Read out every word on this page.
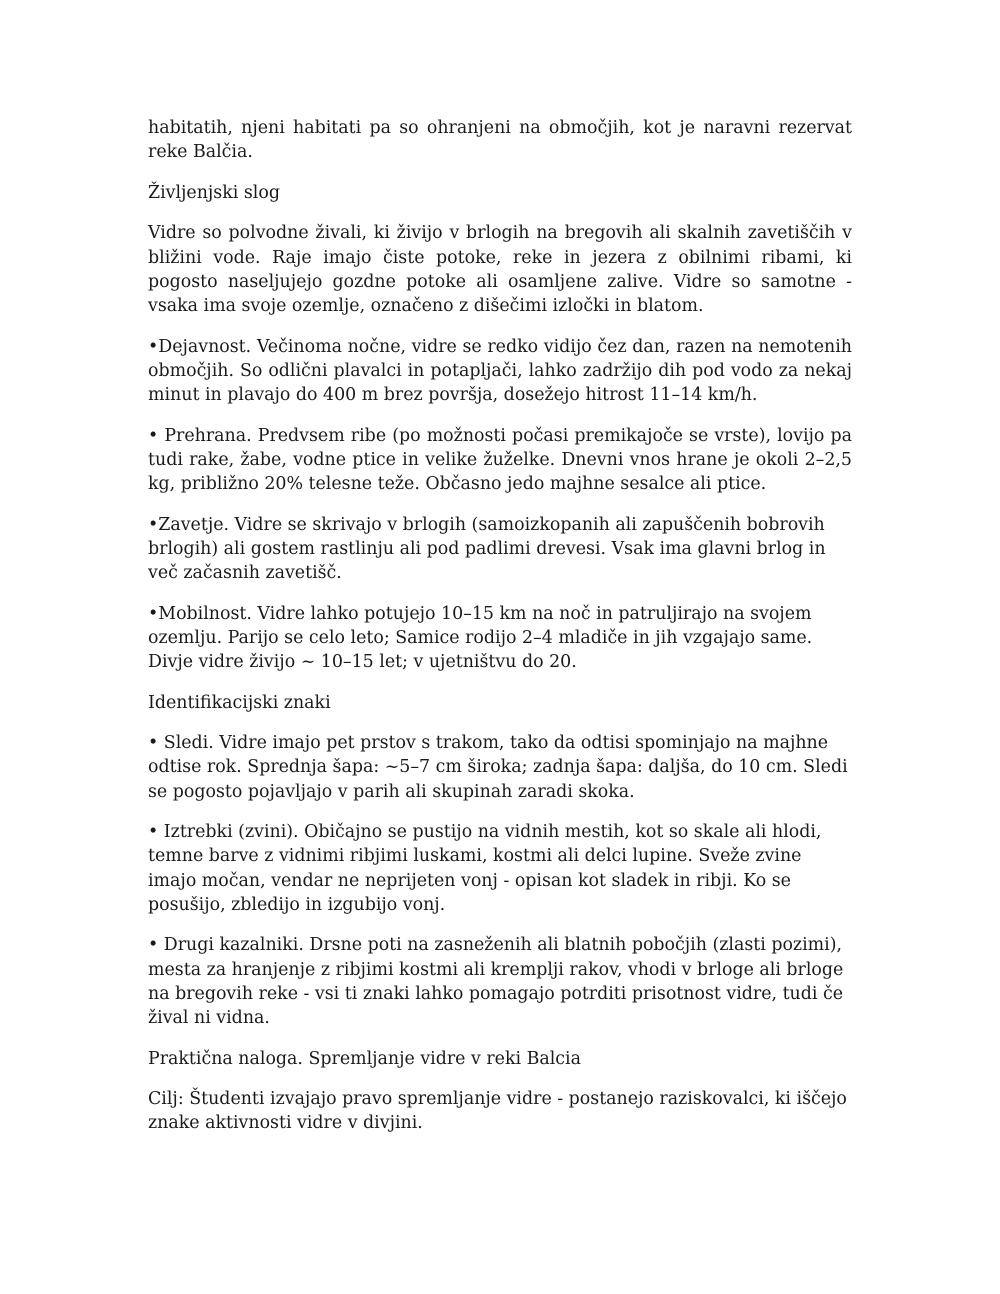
habitatih, njeni habitati pa so ohranjeni na območjih, kot je naravni rezervat reke Balčia.

Življenjski slog

Vidre so polvodne živali, ki živijo v brlogih na bregovih ali skalnih zavetiščih v bližini vode. Raje imajo čiste potoke, reke in jezera z obilnimi ribami, ki pogosto naseljujejo gozdne potoke ali osamljene zalive. Vidre so samotne - vsaka ima svoje ozemlje, označeno z dišečimi izločki in blatom.

•Dejavnost. Večinoma nočne, vidre se redko vidijo čez dan, razen na nemotenih območjih. So odlični plavalci in potapljači, lahko zadržijo dih pod vodo za nekaj minut in plavajo do 400 m brez površja, dosežejo hitrost 11–14 km/h.

• Prehrana. Predvsem ribe (po možnosti počasi premikajoče se vrste), lovijo pa tudi rake, žabe, vodne ptice in velike žuželke. Dnevni vnos hrane je okoli 2–2,5 kg, približno 20% telesne teže. Občasno jedo majhne sesalce ali ptice.

•Zavetje. Vidre se skrivajo v brlogih (samoizkopanih ali zapuščenih bobrovih brlogih) ali gostem rastlinju ali pod padlimi drevesi. Vsak ima glavni brlog in več začasnih zavetišč.

•Mobilnost. Vidre lahko potujejo 10–15 km na noč in patruljirajo na svojem ozemlju. Parijo se celo leto; Samice rodijo 2–4 mladiče in jih vzgajajo same. Divje vidre živijo ~ 10–15 let; v ujetništvu do 20.

Identifikacijski znaki

• Sledi. Vidre imajo pet prstov s trakom, tako da odtisi spominjajo na majhne odtise rok. Sprednja šapa: ~5–7 cm široka; zadnja šapa: daljša, do 10 cm. Sledi se pogosto pojavljajo v parih ali skupinah zaradi skoka.

• Iztrebki (zvini). Običajno se pustijo na vidnih mestih, kot so skale ali hlodi, temne barve z vidnimi ribjimi luskami, kostmi ali delci lupine. Sveže zvine imajo močan, vendar ne neprijeten vonj - opisan kot sladek in ribji. Ko se posušijo, zbledijo in izgubijo vonj.

• Drugi kazalniki. Drsne poti na zasneženih ali blatnih pobočjih (zlasti pozimi), mesta za hranjenje z ribjimi kostmi ali kremplji rakov, vhodi v brloge ali brloge na bregovih reke - vsi ti znaki lahko pomagajo potrditi prisotnost vidre, tudi če žival ni vidna.

Praktična naloga. Spremljanje vidre v reki Balcia

Cilj: Študenti izvajajo pravo spremljanje vidre - postanejo raziskovalci, ki iščejo znake aktivnosti vidre v divjini.
